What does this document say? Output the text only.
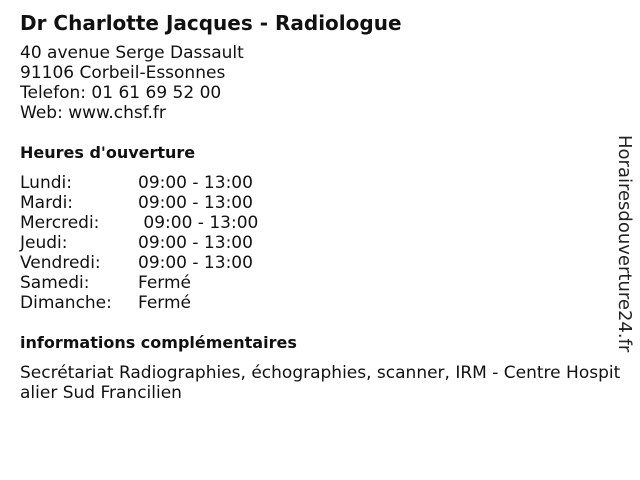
Dr Charlotte Jacques - Radiologue
40 avenue Serge Dassault
91106 Corbeil-Essonnes
Telefon: 01 61 69 52 00
Web: www.chsf.fr
Heures d'ouverture
Lundi:	09:00 - 13:00
Mardi:	09:00 - 13:00
Mercredi:	09:00 - 13:00
Jeudi:	09:00 - 13:00
Vendredi:	09:00 - 13:00
Samedi:	Fermé
Dimanche:	Fermé
informations complémentaires
Secrétariat Radiographies, échographies, scanner, IRM - Centre Hospitalier Sud Francilien
Horairesdouverture24.fr
